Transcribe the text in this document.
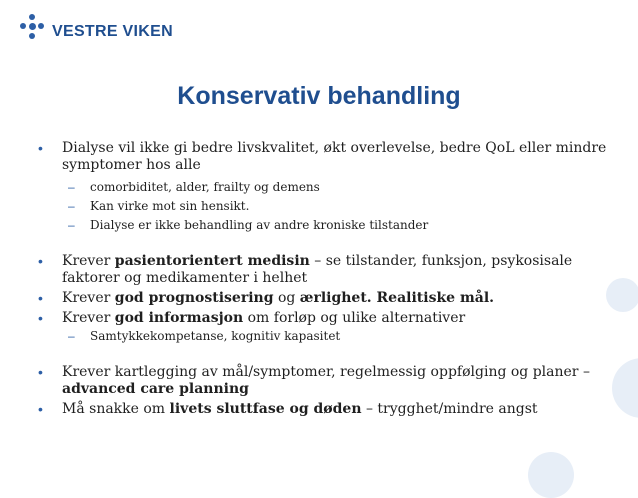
VESTRE VIKEN
Konservativ behandling
• Dialyse vil ikke gi bedre livskvalitet, økt overlevelse, bedre QoL eller mindre symptomer hos alle
– comorbiditet, alder, frailty og demens
– Kan virke mot sin hensikt.
– Dialyse er ikke behandling av andre kroniske tilstander
• Krever pasientorientert medisin – se tilstander, funksjon, psykosisale faktorer og medikamenter i helhet
• Krever god prognostisering og ærlighet. Realitiske mål.
• Krever god informasjon om forløp og ulike alternativer
– Samtykkekompetanse, kognitiv kapasitet
• Krever kartlegging av mål/symptomer, regelmessig oppfølging og planer – advanced care planning
• Må snakke om livets sluttfase og døden – trygghet/mindre angst
